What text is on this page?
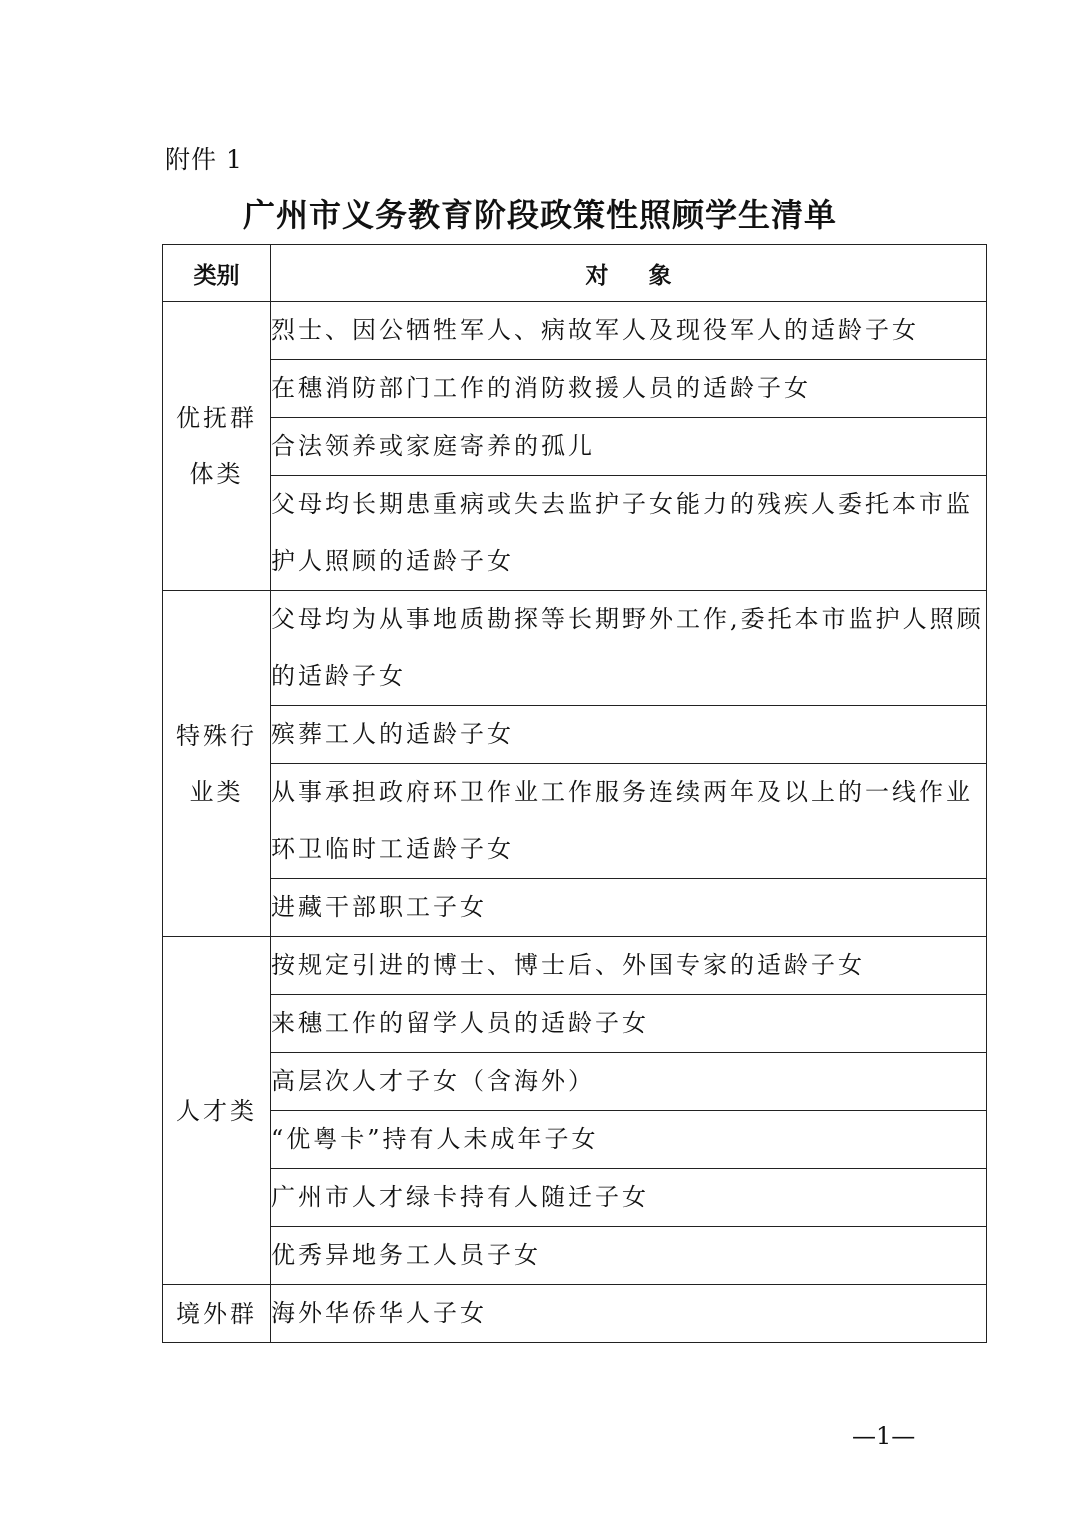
附件 1
广州市义务教育阶段政策性照顾学生清单
类别	对象
优抚群体类	烈士、因公牺牲军人、病故军人及现役军人的适龄子女
	在穗消防部门工作的消防救援人员的适龄子女
	合法领养或家庭寄养的孤儿
	父母均长期患重病或失去监护子女能力的残疾人委托本市监护人照顾的适龄子女
特殊行业类	父母均为从事地质勘探等长期野外工作,委托本市监护人照顾的适龄子女
	殡葬工人的适龄子女
	从事承担政府环卫作业工作服务连续两年及以上的一线作业环卫临时工适龄子女
	进藏干部职工子女
人才类	按规定引进的博士、博士后、外国专家的适龄子女
	来穗工作的留学人员的适龄子女
	高层次人才子女（含海外）
	“优粤卡”持有人未成年子女
	广州市人才绿卡持有人随迁子女
	优秀异地务工人员子女
境外群	海外华侨华人子女
—1—
